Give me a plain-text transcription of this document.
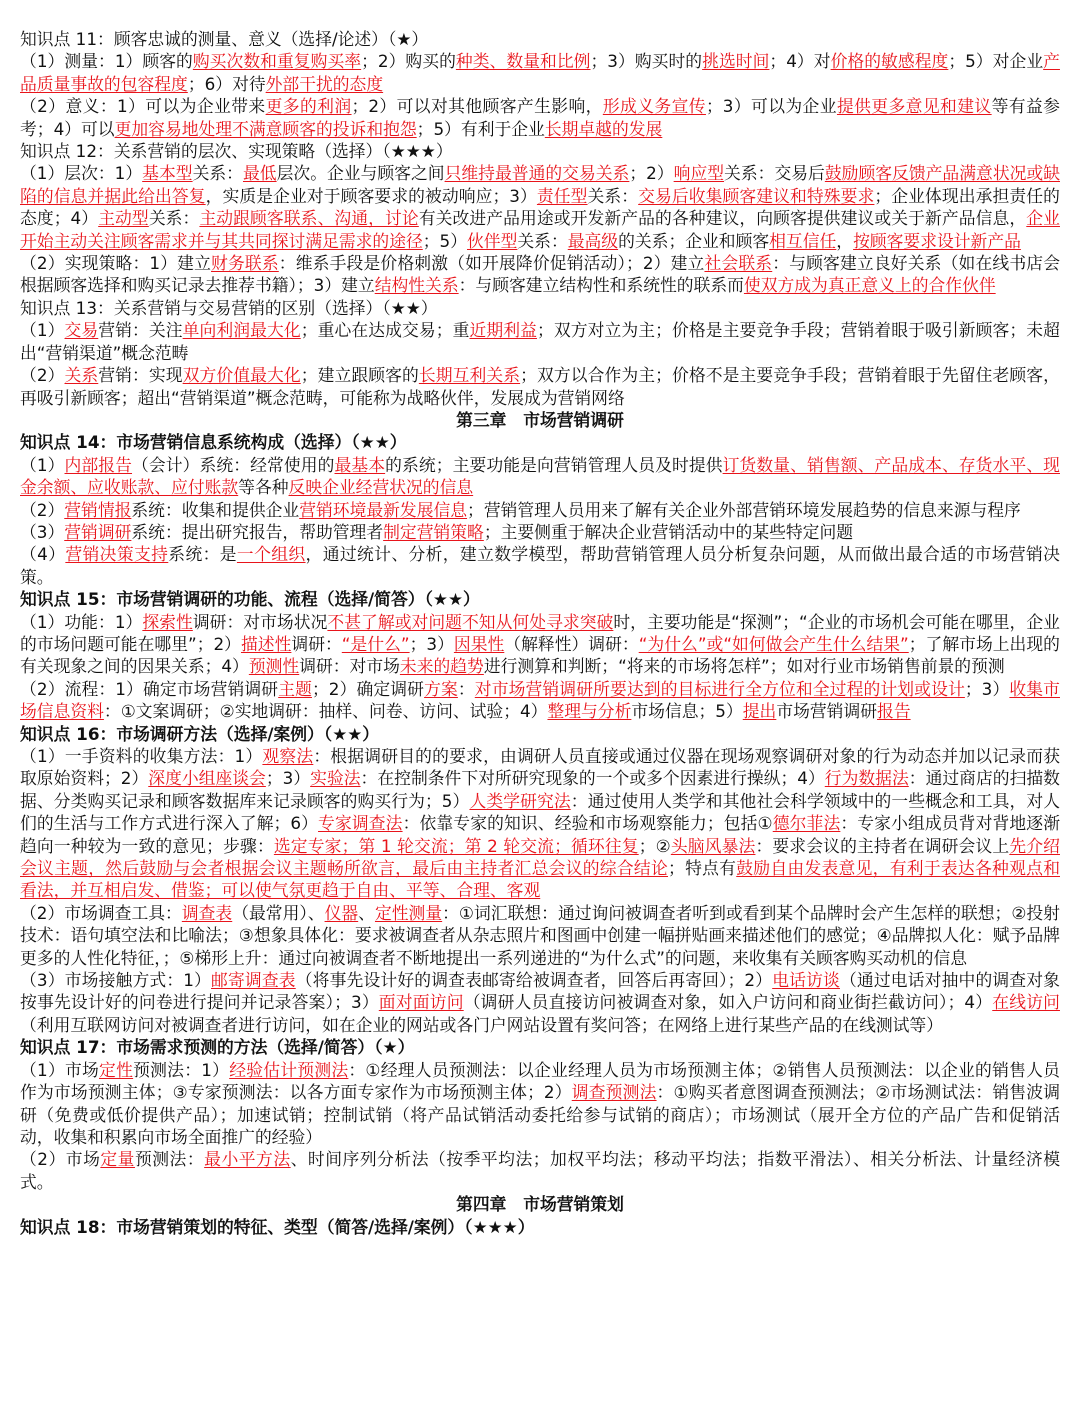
知识点 11：顾客忠诚的测量、意义（选择/论述）（★）
（1）测量：1）顾客的购买次数和重复购买率；2）购买的种类、数量和比例；3）购买时的挑选时间；4）对价格的敏感程度；5）对企业产品质量事故的包容程度；6）对待外部干扰的态度
（2）意义：1）可以为企业带来更多的利润；2）可以对其他顾客产生影响，形成义务宣传；3）可以为企业提供更多意见和建议等有益参考；4）可以更加容易地处理不满意顾客的投诉和抱怨；5）有利于企业长期卓越的发展
知识点 12：关系营销的层次、实现策略（选择）（★★★）
（1）层次：1）基本型关系：最低层次。企业与顾客之间只维持最普通的交易关系；2）响应型关系：交易后鼓励顾客反馈产品满意状况或缺陷的信息并据此给出答复，实质是企业对于顾客要求的被动响应；3）责任型关系：交易后收集顾客建议和特殊要求；企业体现出承担责任的态度；4）主动型关系：主动跟顾客联系、沟通，讨论有关改进产品用途或开发新产品的各种建议，向顾客提供建议或关于新产品信息，企业开始主动关注顾客需求并与其共同探讨满足需求的途径；5）伙伴型关系：最高级的关系；企业和顾客相互信任，按顾客要求设计新产品
（2）实现策略：1）建立财务联系：维系手段是价格刺激（如开展降价促销活动）；2）建立社会联系：与顾客建立良好关系（如在线书店会根据顾客选择和购买记录去推荐书籍）；3）建立结构性关系：与顾客建立结构性和系统性的联系而使双方成为真正意义上的合作伙伴
知识点 13：关系营销与交易营销的区别（选择）（★★）
（1）交易营销：关注单向利润最大化；重心在达成交易；重近期利益；双方对立为主；价格是主要竞争手段；营销着眼于吸引新顾客；未超出“营销渠道”概念范畴
（2）关系营销：实现双方价值最大化；建立跟顾客的长期互利关系；双方以合作为主；价格不是主要竞争手段；营销着眼于先留住老顾客，再吸引新顾客；超出“营销渠道”概念范畴，可能称为战略伙伴，发展成为营销网络
第三章　市场营销调研
知识点 14：市场营销信息系统构成（选择）（★★）
（1）内部报告（会计）系统：经常使用的最基本的系统；主要功能是向营销管理人员及时提供订货数量、销售额、产品成本、存货水平、现金余额、应收账款、应付账款等各种反映企业经营状况的信息
（2）营销情报系统：收集和提供企业营销环境最新发展信息；营销管理人员用来了解有关企业外部营销环境发展趋势的信息来源与程序
（3）营销调研系统：提出研究报告，帮助管理者制定营销策略；主要侧重于解决企业营销活动中的某些特定问题
（4）营销决策支持系统：是一个组织，通过统计、分析，建立数学模型，帮助营销管理人员分析复杂问题，从而做出最合适的市场营销决策。
知识点 15：市场营销调研的功能、流程（选择/简答）（★★）
（1）功能：1）探索性调研：对市场状况不甚了解或对问题不知从何处寻求突破时，主要功能是“探测”；“企业的市场机会可能在哪里，企业的市场问题可能在哪里”；2）描述性调研：“是什么”；3）因果性（解释性）调研：“为什么”或“如何做会产生什么结果”；了解市场上出现的有关现象之间的因果关系；4）预测性调研：对市场未来的趋势进行测算和判断；“将来的市场将怎样”；如对行业市场销售前景的预测
（2）流程：1）确定市场营销调研主题；2）确定调研方案：对市场营销调研所要达到的目标进行全方位和全过程的计划或设计；3）收集市场信息资料：①文案调研；②实地调研：抽样、问卷、访问、试验；4）整理与分析市场信息；5）提出市场营销调研报告
知识点 16：市场调研方法（选择/案例）（★★）
（1）一手资料的收集方法：1）观察法：根据调研目的的要求，由调研人员直接或通过仪器在现场观察调研对象的行为动态并加以记录而获取原始资料；2）深度小组座谈会；3）实验法：在控制条件下对所研究现象的一个或多个因素进行操纵；4）行为数据法：通过商店的扫描数据、分类购买记录和顾客数据库来记录顾客的购买行为；5）人类学研究法：通过使用人类学和其他社会科学领域中的一些概念和工具，对人们的生活与工作方式进行深入了解；6）专家调查法：依靠专家的知识、经验和市场观察能力；包括①德尔菲法：专家小组成员背对背地逐渐趋向一种较为一致的意见；步骤：选定专家；第 1 轮交流；第 2 轮交流；循环往复；②头脑风暴法：要求会议的主持者在调研会议上先介绍会议主题，然后鼓励与会者根据会议主题畅所欲言，最后由主持者汇总会议的综合结论；特点有鼓励自由发表意见，有利于表达各种观点和看法，并互相启发、借鉴；可以使气氛更趋于自由、平等、合理、客观
（2）市场调查工具：调查表（最常用）、仪器、定性测量：①词汇联想：通过询问被调查者听到或看到某个品牌时会产生怎样的联想；②投射技术：语句填空法和比喻法；③想象具体化：要求被调查者从杂志照片和图画中创建一幅拼贴画来描述他们的感觉；④品牌拟人化：赋予品牌更多的人性化特征，；⑤梯形上升：通过向被调查者不断地提出一系列递进的“为什么式”的问题，来收集有关顾客购买动机的信息
（3）市场接触方式：1）邮寄调查表（将事先设计好的调查表邮寄给被调查者，回答后再寄回）；2）电话访谈（通过电话对抽中的调查对象按事先设计好的问卷进行提问并记录答案）；3）面对面访问（调研人员直接访问被调查对象，如入户访问和商业街拦截访问）；4）在线访问（利用互联网访问对被调查者进行访问，如在企业的网站或各门户网站设置有奖问答；在网络上进行某些产品的在线测试等）
知识点 17：市场需求预测的方法（选择/简答）（★）
（1）市场定性预测法：1）经验估计预测法：①经理人员预测法：以企业经理人员为市场预测主体；②销售人员预测法：以企业的销售人员作为市场预测主体；③专家预测法：以各方面专家作为市场预测主体；2）调查预测法：①购买者意图调查预测法；②市场测试法：销售波调研（免费或低价提供产品）；加速试销；控制试销（将产品试销活动委托给参与试销的商店）；市场测试（展开全方位的产品广告和促销活动，收集和积累向市场全面推广的经验）
（2）市场定量预测法：最小平方法、时间序列分析法（按季平均法；加权平均法；移动平均法；指数平滑法）、相关分析法、计量经济模式。
第四章　市场营销策划
知识点 18：市场营销策划的特征、类型（简答/选择/案例）（★★★）
